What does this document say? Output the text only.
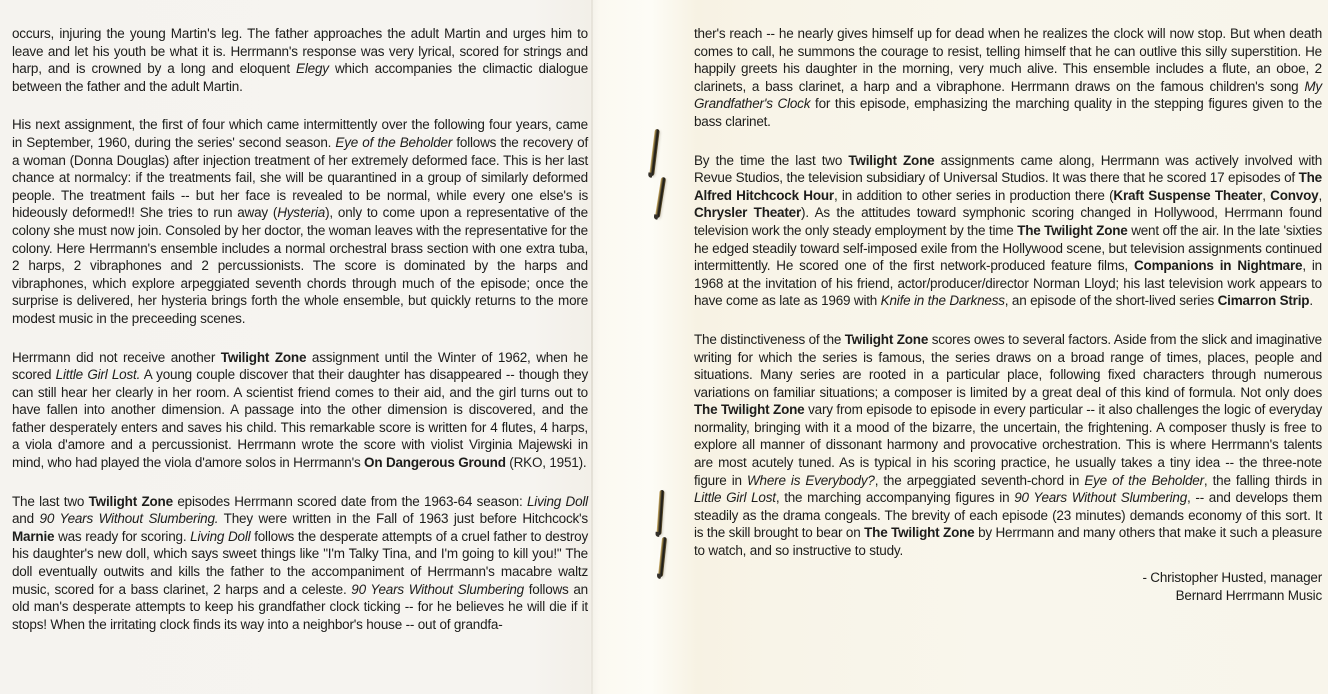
occurs, injuring the young Martin's leg. The father approaches the adult Martin and urges him to leave and let his youth be what it is. Herrmann's response was very lyrical, scored for strings and harp, and is crowned by a long and eloquent Elegy which accompanies the climactic dialogue between the father and the adult Martin.

His next assignment, the first of four which came intermittently over the following four years, came in September, 1960, during the series' second season. Eye of the Beholder follows the recovery of a woman (Donna Douglas) after injection treatment of her extremely deformed face. This is her last chance at normalcy: if the treatments fail, she will be quarantined in a group of similarly deformed people. The treatment fails -- but her face is revealed to be normal, while every one else's is hideously deformed!! She tries to run away (Hysteria), only to come upon a representative of the colony she must now join. Consoled by her doctor, the woman leaves with the representative for the colony. Here Herrmann's ensemble includes a normal orchestral brass section with one extra tuba, 2 harps, 2 vibraphones and 2 percussionists. The score is dominated by the harps and vibraphones, which explore arpeggiated seventh chords through much of the episode; once the surprise is delivered, her hysteria brings forth the whole ensemble, but quickly returns to the more modest music in the preceeding scenes.

Herrmann did not receive another Twilight Zone assignment until the Winter of 1962, when he scored Little Girl Lost. A young couple discover that their daughter has disappeared -- though they can still hear her clearly in her room. A scientist friend comes to their aid, and the girl turns out to have fallen into another dimension. A passage into the other dimension is discovered, and the father desperately enters and saves his child. This remarkable score is written for 4 flutes, 4 harps, a viola d'amore and a percussionist. Herrmann wrote the score with violist Virginia Majewski in mind, who had played the viola d'amore solos in Herrmann's On Dangerous Ground (RKO, 1951).

The last two Twilight Zone episodes Herrmann scored date from the 1963-64 season: Living Doll and 90 Years Without Slumbering. They were written in the Fall of 1963 just before Hitchcock's Marnie was ready for scoring. Living Doll follows the desperate attempts of a cruel father to destroy his daughter's new doll, which says sweet things like "I'm Talky Tina, and I'm going to kill you!" The doll eventually outwits and kills the father to the accompaniment of Herrmann's macabre waltz music, scored for a bass clarinet, 2 harps and a celeste. 90 Years Without Slumbering follows an old man's desperate attempts to keep his grandfather clock ticking -- for he believes he will die if it stops! When the irritating clock finds its way into a neighbor's house -- out of grandfa-

ther's reach -- he nearly gives himself up for dead when he realizes the clock will now stop. But when death comes to call, he summons the courage to resist, telling himself that he can outlive this silly superstition. He happily greets his daughter in the morning, very much alive. This ensemble includes a flute, an oboe, 2 clarinets, a bass clarinet, a harp and a vibraphone. Herrmann draws on the famous children's song My Grandfather's Clock for this episode, emphasizing the marching quality in the stepping figures given to the bass clarinet.

By the time the last two Twilight Zone assignments came along, Herrmann was actively involved with Revue Studios, the television subsidiary of Universal Studios. It was there that he scored 17 episodes of The Alfred Hitchcock Hour, in addition to other series in production there (Kraft Suspense Theater, Convoy, Chrysler Theater). As the attitudes toward symphonic scoring changed in Hollywood, Herrmann found television work the only steady employment by the time The Twilight Zone went off the air. In the late 'sixties he edged steadily toward self-imposed exile from the Hollywood scene, but television assignments continued intermittently. He scored one of the first network-produced feature films, Companions in Nightmare, in 1968 at the invitation of his friend, actor/producer/director Norman Lloyd; his last television work appears to have come as late as 1969 with Knife in the Darkness, an episode of the short-lived series Cimarron Strip.

The distinctiveness of the Twilight Zone scores owes to several factors. Aside from the slick and imaginative writing for which the series is famous, the series draws on a broad range of times, places, people and situations. Many series are rooted in a particular place, following fixed characters through numerous variations on familiar situations; a composer is limited by a great deal of this kind of formula. Not only does The Twilight Zone vary from episode to episode in every particular -- it also challenges the logic of everyday normality, bringing with it a mood of the bizarre, the uncertain, the frightening. A composer thusly is free to explore all manner of dissonant harmony and provocative orchestration. This is where Herrmann's talents are most acutely tuned. As is typical in his scoring practice, he usually takes a tiny idea -- the three-note figure in Where is Everybody?, the arpeggiated seventh-chord in Eye of the Beholder, the falling thirds in Little Girl Lost, the marching accompanying figures in 90 Years Without Slumbering, -- and develops them steadily as the drama congeals. The brevity of each episode (23 minutes) demands economy of this sort. It is the skill brought to bear on The Twilight Zone by Herrmann and many others that make it such a pleasure to watch, and so instructive to study.

- Christopher Husted, manager
Bernard Herrmann Music
